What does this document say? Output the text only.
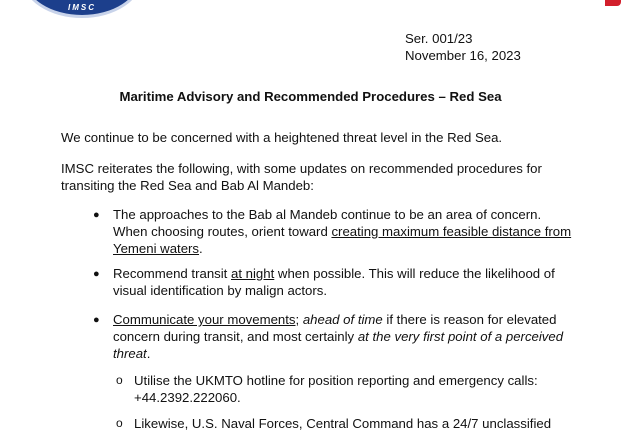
IMSC
Ser. 001/23
November 16, 2023
Maritime Advisory and Recommended Procedures – Red Sea
We continue to be concerned with a heightened threat level in the Red Sea.
IMSC reiterates the following, with some updates on recommended procedures for
transiting the Red Sea and Bab Al Mandeb:
● The approaches to the Bab al Mandeb continue to be an area of concern.
When choosing routes, orient toward creating maximum feasible distance from
Yemeni waters.
● Recommend transit at night when possible. This will reduce the likelihood of
visual identification by malign actors.
● Communicate your movements; ahead of time if there is reason for elevated
concern during transit, and most certainly at the very first point of a perceived
threat.
o Utilise the UKMTO hotline for position reporting and emergency calls:
+44.2392.222060.
o Likewise, U.S. Naval Forces, Central Command has a 24/7 unclassified
